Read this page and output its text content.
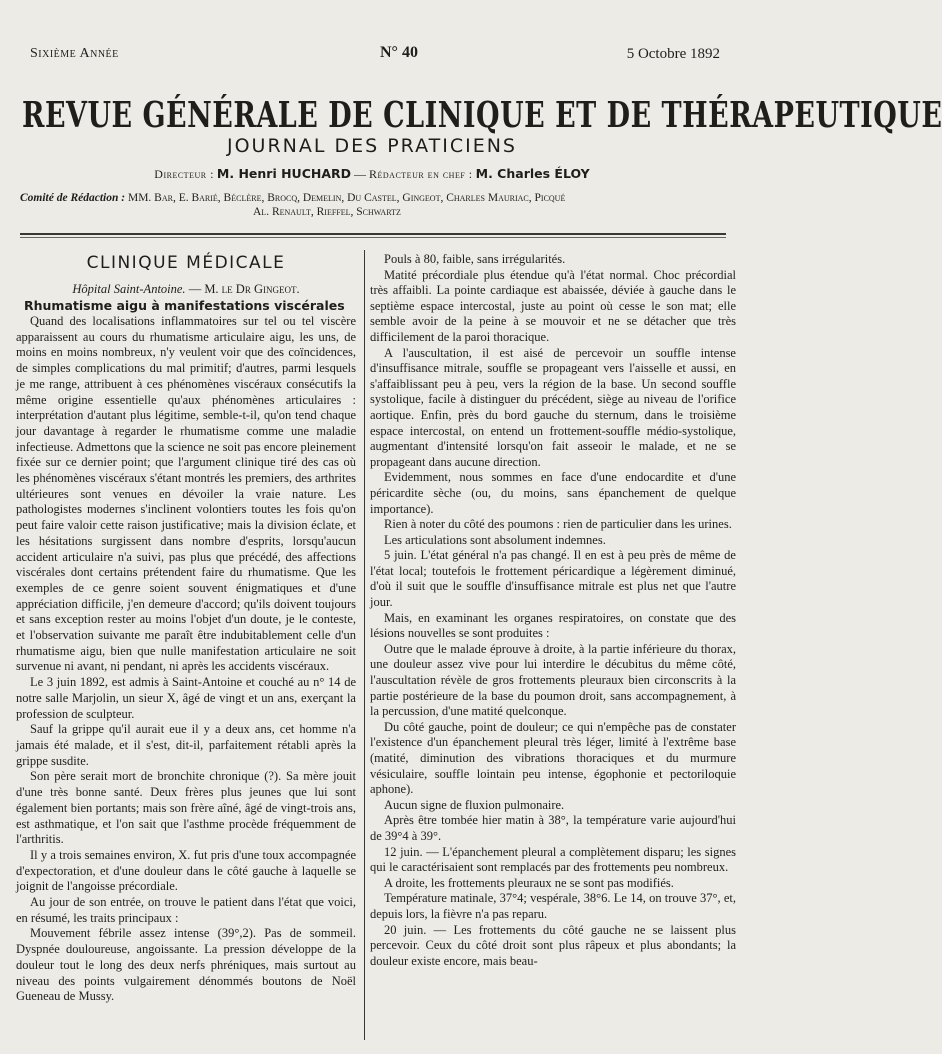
Sixième Année	N° 40	5 Octobre 1892
REVUE GÉNÉRALE DE CLINIQUE ET DE THÉRAPEUTIQUE
JOURNAL DES PRATICIENS
Directeur : M. Henri HUCHARD — Rédacteur en chef : M. Charles ÉLOY
Comité de Rédaction : MM. Bar, E. Barié, Béclère, Brocq, Demelin, Du Castel, Gingeot, Charles Mauriac, Picqué
Al. Renault, Rieffel, Schwartz
CLINIQUE MÉDICALE
Hôpital Saint-Antoine. — M. le Dr Gingeot.
Rhumatisme aigu à manifestations viscérales

Quand des localisations inflammatoires sur tel ou tel viscère apparaissent au cours du rhumatisme articulaire aigu, les uns, de moins en moins nombreux, n'y veulent voir que des coïncidences, de simples complications du mal primitif; d'autres, parmi lesquels je me range, attribuent à ces phénomènes viscéraux consécutifs la même origine essentielle qu'aux phénomènes articulaires : interprétation d'autant plus légitime, semble-t-il, qu'on tend chaque jour davantage à regarder le rhumatisme comme une maladie infectieuse. Admettons que la science ne soit pas encore pleinement fixée sur ce dernier point; que l'argument clinique tiré des cas où les phénomènes viscéraux s'étant montrés les premiers, des arthrites ultérieures sont venues en dévoiler la vraie nature. Les pathologistes modernes s'inclinent volontiers toutes les fois qu'on peut faire valoir cette raison justificative; mais la division éclate, et les hésitations surgissent dans nombre d'esprits, lorsqu'aucun accident articulaire n'a suivi, pas plus que précédé, des affections viscérales dont certains prétendent faire du rhumatisme. Que les exemples de ce genre soient souvent énigmatiques et d'une appréciation difficile, j'en demeure d'accord; qu'ils doivent toujours et sans exception rester au moins l'objet d'un doute, je le conteste, et l'observation suivante me paraît être indubitablement celle d'un rhumatisme aigu, bien que nulle manifestation articulaire ne soit survenue ni avant, ni pendant, ni après les accidents viscéraux.

Le 3 juin 1892, est admis à Saint-Antoine et couché au n° 14 de notre salle Marjolin, un sieur X, âgé de vingt et un ans, exerçant la profession de sculpteur.

Sauf la grippe qu'il aurait eue il y a deux ans, cet homme n'a jamais été malade, et il s'est, dit-il, parfaitement rétabli après la grippe susdite.

Son père serait mort de bronchite chronique (?). Sa mère jouit d'une très bonne santé. Deux frères plus jeunes que lui sont également bien portants; mais son frère aîné, âgé de vingt-trois ans, est asthmatique, et l'on sait que l'asthme procède fréquemment de l'arthritis.

Il y a trois semaines environ, X. fut pris d'une toux accompagnée d'expectoration, et d'une douleur dans le côté gauche à laquelle se joignit de l'angoisse précordiale.

Au jour de son entrée, on trouve le patient dans l'état que voici, en résumé, les traits principaux :

Mouvement fébrile assez intense (39°,2). Pas de sommeil. Dyspnée douloureuse, angoissante. La pression développe de la douleur tout le long des deux nerfs phréniques, mais surtout au niveau des points vulgairement dénommés boutons de Noël Gueneau de Mussy.

Pouls à 80, faible, sans irrégularités.

Matité précordiale plus étendue qu'à l'état normal. Choc précordial très affaibli. La pointe cardiaque est abaissée, déviée à gauche dans le septième espace intercostal, juste au point où cesse le son mat; elle semble avoir de la peine à se mouvoir et ne se détacher que très difficilement de la paroi thoracique.

A l'auscultation, il est aisé de percevoir un souffle intense d'insuffisance mitrale, souffle se propageant vers l'aisselle et aussi, en s'affaiblissant peu à peu, vers la région de la base. Un second souffle systolique, facile à distinguer du précédent, siège au niveau de l'orifice aortique. Enfin, près du bord gauche du sternum, dans le troisième espace intercostal, on entend un frottement-souffle médio-systolique, augmentant d'intensité lorsqu'on fait asseoir le malade, et ne se propageant dans aucune direction.

Evidemment, nous sommes en face d'une endocardite et d'une péricardite sèche (ou, du moins, sans épanchement de quelque importance).

Rien à noter du côté des poumons : rien de particulier dans les urines.

Les articulations sont absolument indemnes.

5 juin. L'état général n'a pas changé. Il en est à peu près de même de l'état local; toutefois le frottement péricardique a légèrement diminué, d'où il suit que le souffle d'insuffisance mitrale est plus net que l'autre jour.

Mais, en examinant les organes respiratoires, on constate que des lésions nouvelles se sont produites :

Outre que le malade éprouve à droite, à la partie inférieure du thorax, une douleur assez vive pour lui interdire le décubitus du même côté, l'auscultation révèle de gros frottements pleuraux bien circonscrits à la partie postérieure de la base du poumon droit, sans accompagnement, à la percussion, d'une matité quelconque.

Du côté gauche, point de douleur; ce qui n'empêche pas de constater l'existence d'un épanchement pleural très léger, limité à l'extrême base (matité, diminution des vibrations thoraciques et du murmure vésiculaire, souffle lointain peu intense, égophonie et pectoriloquie aphone).

Aucun signe de fluxion pulmonaire.

Après être tombée hier matin à 38°, la température varie aujourd'hui de 39°4 à 39°.

12 juin. — L'épanchement pleural a complètement disparu; les signes qui le caractérisaient sont remplacés par des frottements peu nombreux.

A droite, les frottements pleuraux ne se sont pas modifiés.

Température matinale, 37°4; vespérale, 38°6. Le 14, on trouve 37°, et, depuis lors, la fièvre n'a pas reparu.

20 juin. — Les frottements du côté gauche ne se laissent plus percevoir. Ceux du côté droit sont plus râpeux et plus abondants; la douleur existe encore, mais beau-
